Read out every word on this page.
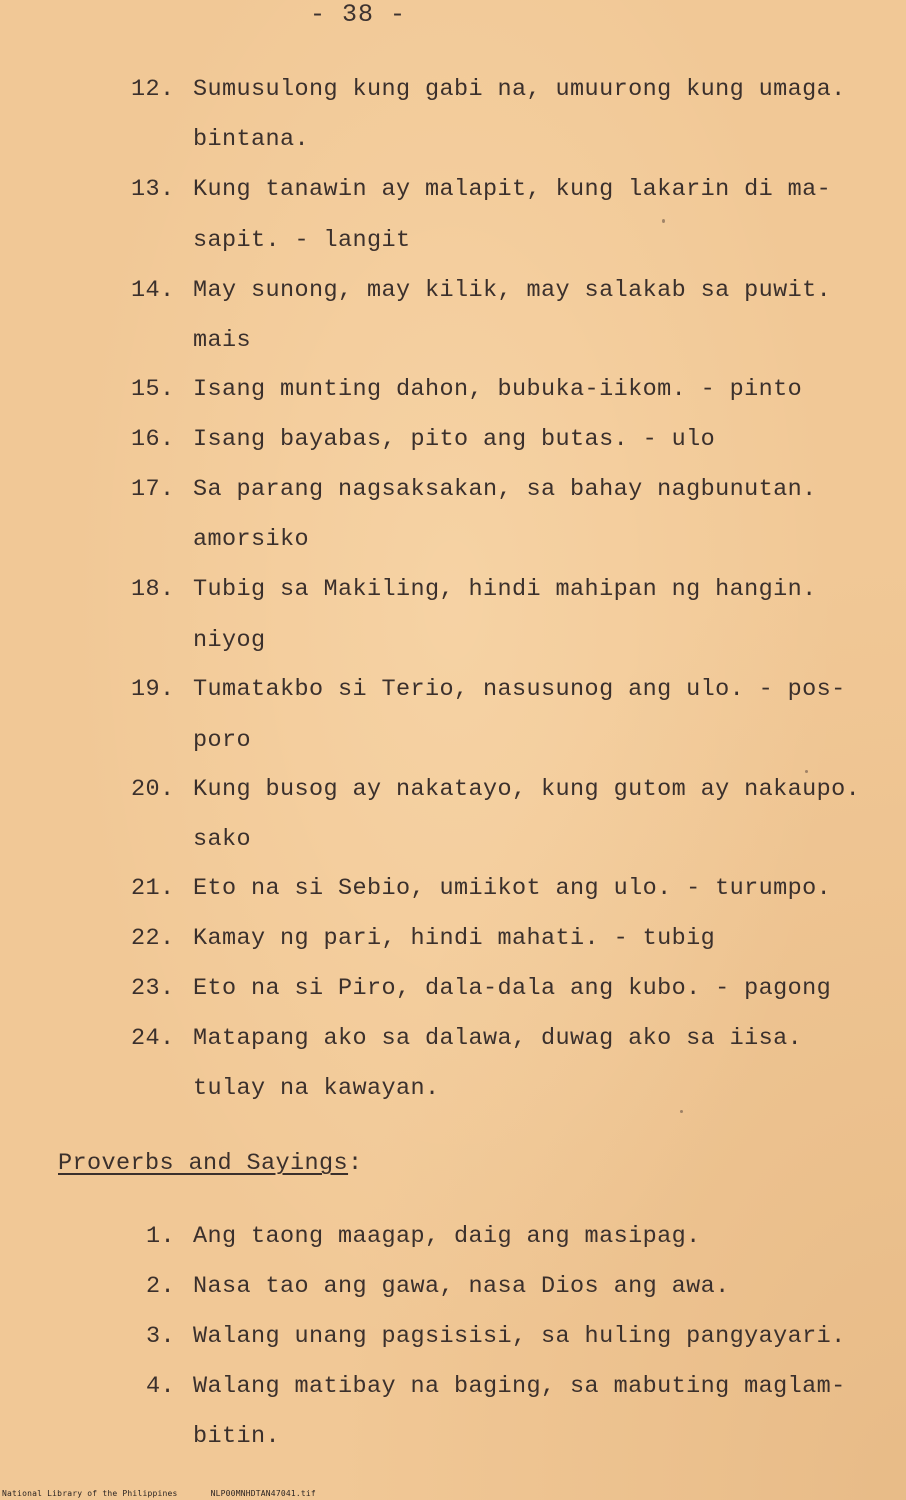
- 38 -
12. Sumusulong kung gabi na, umuurong kung umaga.
bintana.
13. Kung tanawin ay malapit, kung lakarin di ma-
sapit. - langit
14. May sunong, may kilik, may salakab sa puwit.
mais
15. Isang munting dahon, bubuka-iikom. - pinto
16. Isang bayabas, pito ang butas. - ulo
17. Sa parang nagsaksakan, sa bahay nagbunutan.
amorsiko
18. Tubig sa Makiling, hindi mahipan ng hangin.
niyog
19. Tumatakbo si Terio, nasusunog ang ulo. - pos-
poro
20. Kung busog ay nakatayo, kung gutom ay nakaupo.
sako
21. Eto na si Sebio, umiikot ang ulo. - turumpo.
22. Kamay ng pari, hindi mahati. - tubig
23. Eto na si Piro, dala-dala ang kubo. - pagong
24. Matapang ako sa dalawa, duwag ako sa iisa.
tulay na kawayan.
Proverbs and Sayings:
1. Ang taong maagap, daig ang masipag.
2. Nasa tao ang gawa, nasa Dios ang awa.
3. Walang unang pagsisisi, sa huling pangyayari.
4. Walang matibay na baging, sa mabuting maglam-
bitin.
National Library of the Philippines	NLP00MNHDTAN47041.tif
